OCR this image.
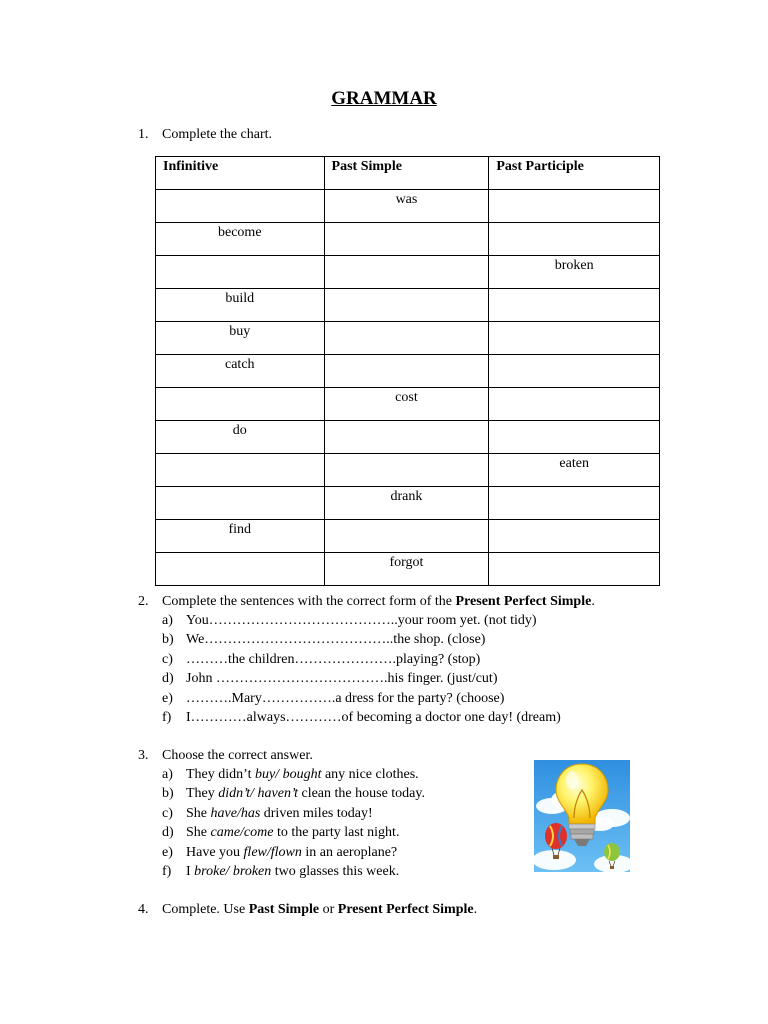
GRAMMAR
1. Complete the chart.
Infinitive	Past Simple	Past Participle
	was	
become		
		broken
build		
buy		
catch		
	cost	
do		
		eaten
	drank	
find		
	forgot	
2. Complete the sentences with the correct form of the Present Perfect Simple.
a) You…………………………………..your room yet. (not tidy)
b) We…………………………………..the shop. (close)
c) ………the children………………….playing? (stop)
d) John ……………………………….his finger. (just/cut)
e) ……….Mary…………….a dress for the party? (choose)
f) I…………always…………of becoming a doctor one day! (dream)
3. Choose the correct answer.
a) They didn’t buy/ bought any nice clothes.
b) They didn’t/ haven’t clean the house today.
c) She have/has driven miles today!
d) She came/come to the party last night.
e) Have you flew/flown in an aeroplane?
f) I broke/ broken two glasses this week.
4. Complete. Use Past Simple or Present Perfect Simple.
